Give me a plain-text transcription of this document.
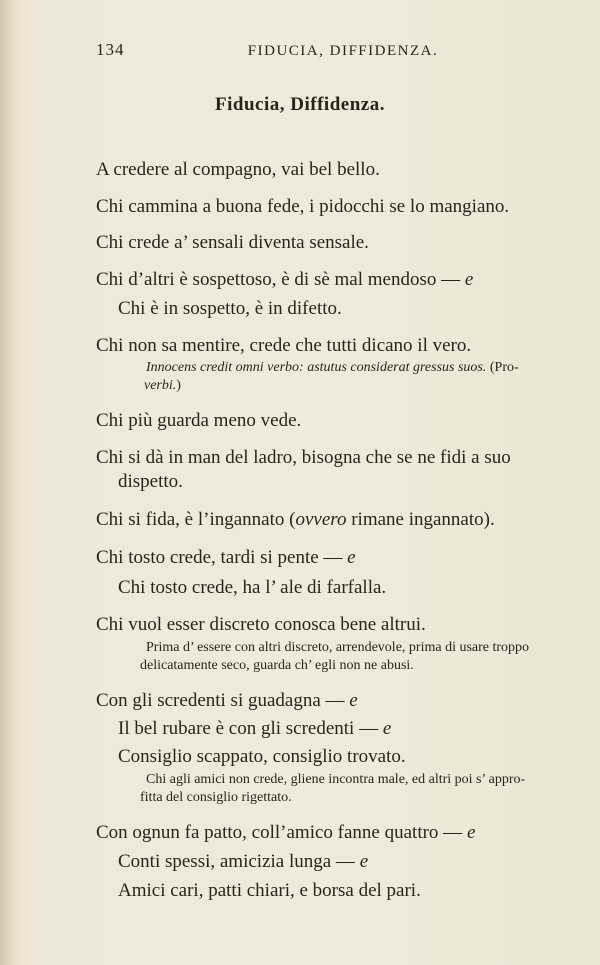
134	FIDUCIA, DIFFIDENZA.
Fiducia, Diffidenza.
A credere al compagno, vai bel bello.
Chi cammina a buona fede, i pidocchi se lo mangiano.
Chi crede a’ sensali diventa sensale.
Chi d’altri è sospettoso, è di sè mal mendoso — e
Chi è in sospetto, è in difetto.
Chi non sa mentire, crede che tutti dicano il vero.
Innocens credit omni verbo: astutus considerat gressus suos. (Pro-
verbi.)
Chi più guarda meno vede.
Chi si dà in man del ladro, bisogna che se ne fidi a suo
dispetto.
Chi si fida, è l’ingannato (ovvero rimane ingannato).
Chi tosto crede, tardi si pente — e
Chi tosto crede, ha l’ ale di farfalla.
Chi vuol esser discreto conosca bene altrui.
Prima d’ essere con altri discreto, arrendevole, prima di usare troppo
delicatamente seco, guarda ch’ egli non ne abusi.
Con gli scredenti si guadagna — e
Il bel rubare è con gli scredenti — e
Consiglio scappato, consiglio trovato.
Chi agli amici non crede, gliene incontra male, ed altri poi s’ appro-
fitta del consiglio rigettato.
Con ognun fa patto, coll’amico fanne quattro — e
Conti spessi, amicizia lunga — e
Amici cari, patti chiari, e borsa del pari.
